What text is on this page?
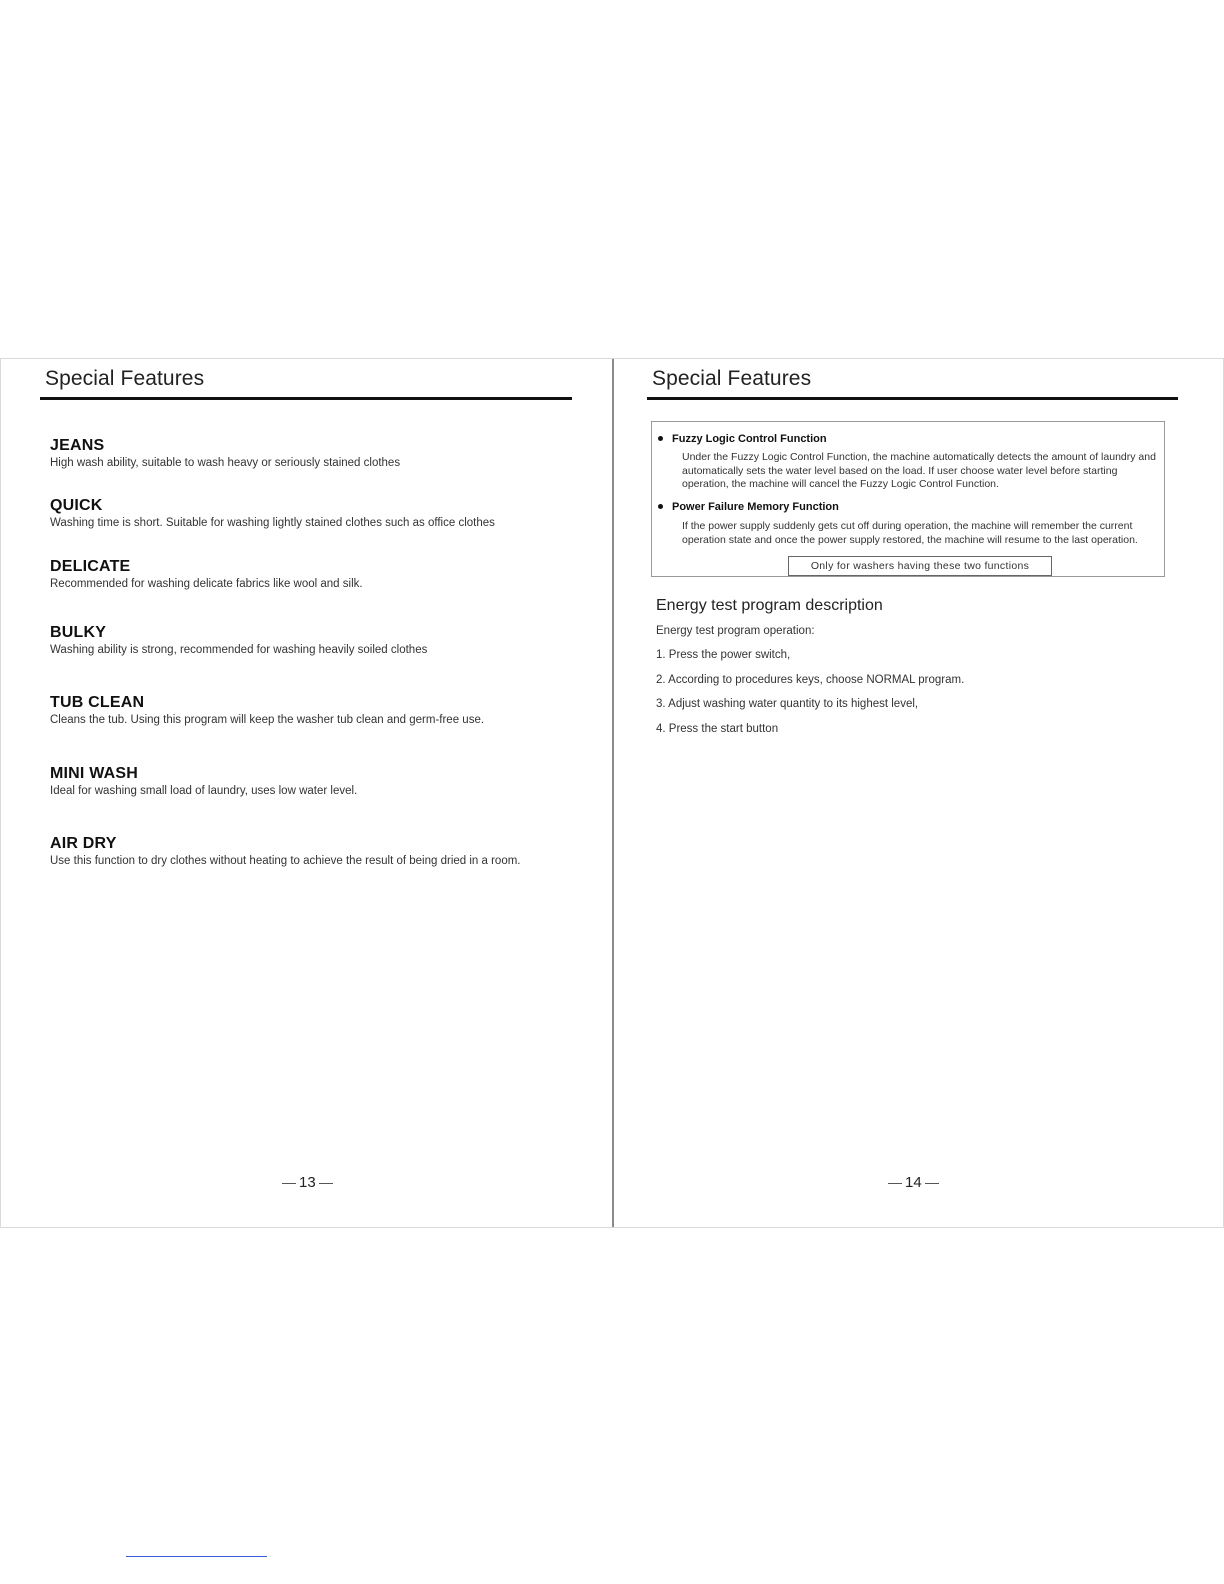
Special Features
JEANS
High wash ability, suitable to wash heavy or seriously stained clothes
QUICK
Washing time is short. Suitable for washing lightly stained clothes such as office clothes
DELICATE
Recommended for washing delicate fabrics like wool and silk.
BULKY
Washing ability is strong, recommended for washing heavily soiled clothes
TUB CLEAN
Cleans the tub. Using this program will keep the washer tub clean and germ-free use.
MINI WASH
Ideal for washing small load of laundry, uses low water level.
AIR DRY
Use this function to dry clothes without heating to achieve the result of being dried in a room.
13
Special Features
Fuzzy Logic Control Function
Under the Fuzzy Logic Control Function, the machine automatically detects the amount of laundry and automatically sets the water level based on the load. If user choose water level before starting operation, the machine will cancel the Fuzzy Logic Control Function.
Power Failure Memory Function
If the power supply suddenly gets cut off during operation, the machine will remember the current operation state and once the power supply restored, the machine will resume to the last operation.
Only for washers having these two functions
Energy test program description
Energy test program operation:
1. Press the power switch,
2. According to procedures keys, choose NORMAL program.
3. Adjust washing water quantity to its highest level,
4. Press the start button
14
